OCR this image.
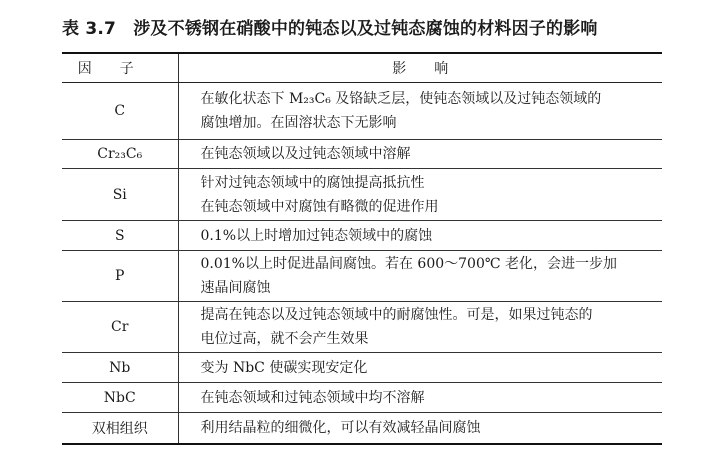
表 3.7　涉及不锈钢在硝酸中的钝态以及过钝态腐蚀的材料因子的影响
因子	影响
C	在敏化状态下 M₂₃C₆ 及铬缺乏层，使钝态领域以及过钝态领域的
腐蚀增加。在固溶状态下无影响

Cr₂₃C₆	在钝态领域以及过钝态领域中溶解

Si	针对过钝态领域中的腐蚀提高抵抗性
在钝态领域中对腐蚀有略微的促进作用

S	0.1%以上时增加过钝态领域中的腐蚀

P	0.01%以上时促进晶间腐蚀。若在 600～700℃ 老化，会进一步加
速晶间腐蚀

Cr	提高在钝态以及过钝态领域中的耐腐蚀性。可是，如果过钝态的
电位过高，就不会产生效果

Nb	变为 NbC 使碳实现安定化

NbC	在钝态领域和过钝态领域中均不溶解

双相组织	利用结晶粒的细微化，可以有效减轻晶间腐蚀
